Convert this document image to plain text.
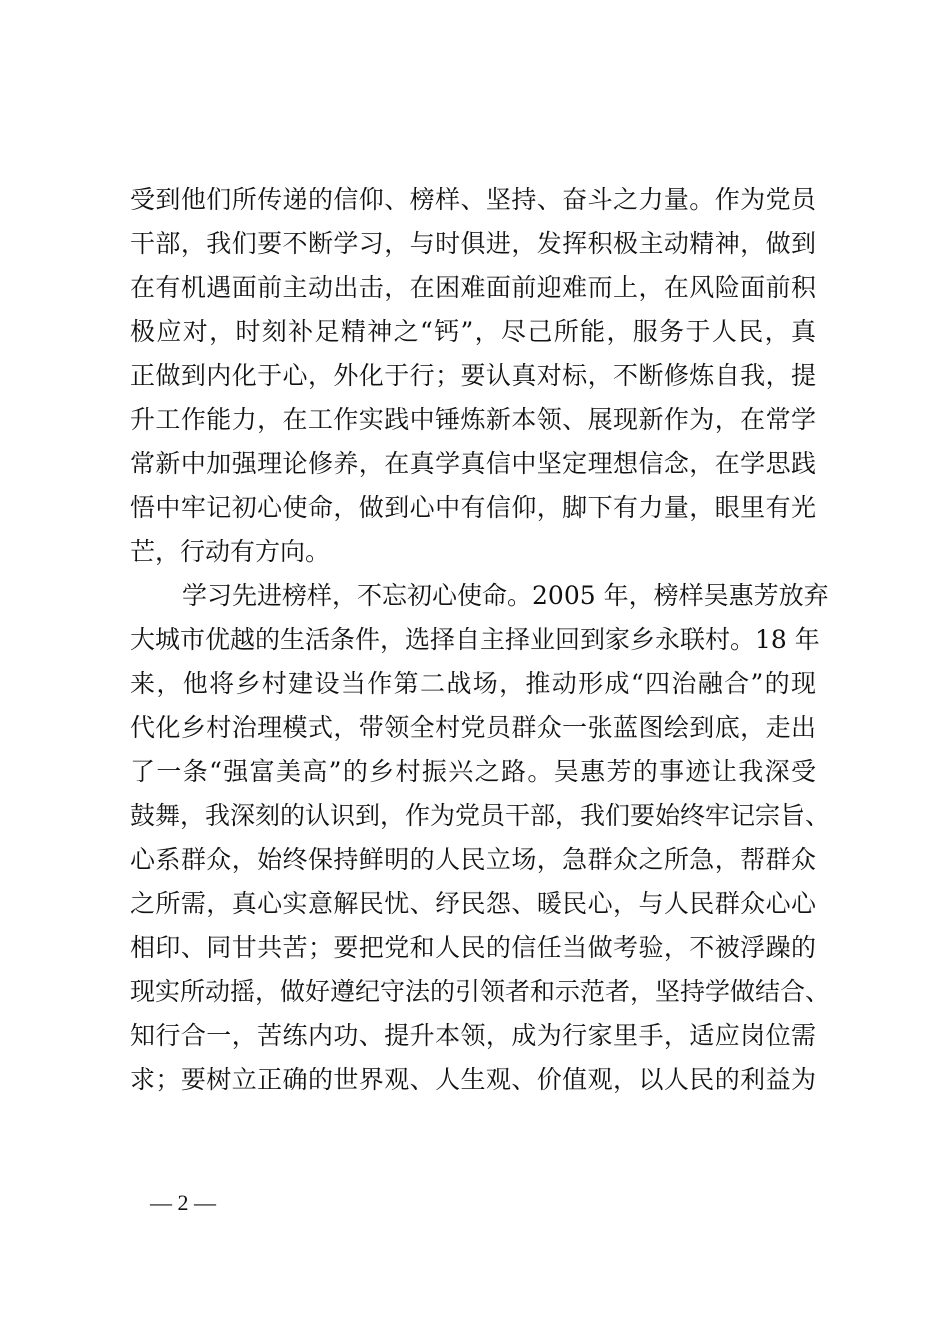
受到他们所传递的信仰、榜样、坚持、奋斗之力量。作为党员
干部，我们要不断学习，与时俱进，发挥积极主动精神，做到
在有机遇面前主动出击，在困难面前迎难而上，在风险面前积
极应对，时刻补足精神之“钙”，尽己所能，服务于人民，真
正做到内化于心，外化于行；要认真对标，不断修炼自我，提
升工作能力，在工作实践中锤炼新本领、展现新作为，在常学
常新中加强理论修养，在真学真信中坚定理想信念，在学思践
悟中牢记初心使命，做到心中有信仰，脚下有力量，眼里有光
芒，行动有方向。
学习先进榜样，不忘初心使命。2005 年，榜样吴惠芳放弃
大城市优越的生活条件，选择自主择业回到家乡永联村。18 年
来，他将乡村建设当作第二战场，推动形成“四治融合”的现
代化乡村治理模式，带领全村党员群众一张蓝图绘到底，走出
了一条“强富美高”的乡村振兴之路。吴惠芳的事迹让我深受
鼓舞，我深刻的认识到，作为党员干部，我们要始终牢记宗旨、
心系群众，始终保持鲜明的人民立场，急群众之所急，帮群众
之所需，真心实意解民忧、纾民怨、暖民心，与人民群众心心
相印、同甘共苦；要把党和人民的信任当做考验，不被浮躁的
现实所动摇，做好遵纪守法的引领者和示范者，坚持学做结合、
知行合一，苦练内功、提升本领，成为行家里手，适应岗位需
求；要树立正确的世界观、人生观、价值观，以人民的利益为
— 2 —
